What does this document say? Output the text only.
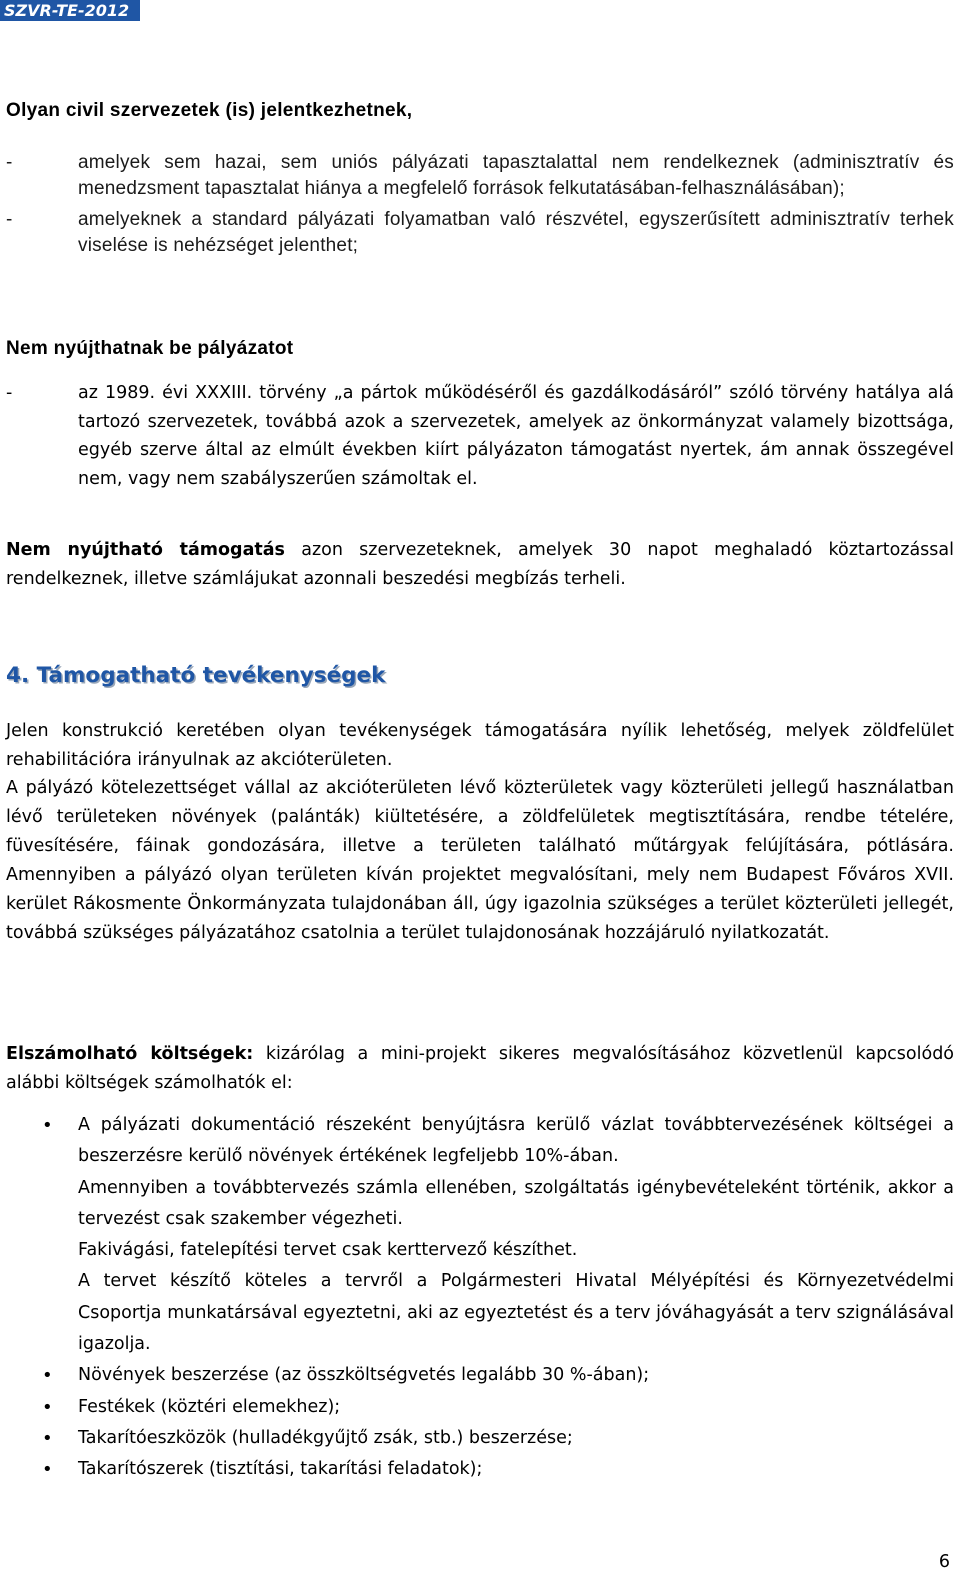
SZVR-TE-2012

Olyan civil szervezetek (is) jelentkezhetnek,

-	amelyek sem hazai, sem uniós pályázati tapasztalattal nem rendelkeznek (adminisztratív és menedzsment tapasztalat hiánya a megfelelő források felkutatásában-felhasználásában);
-	amelyeknek a standard pályázati folyamatban való részvétel, egyszerűsített adminisztratív terhek viselése is nehézséget jelenthet;

Nem nyújthatnak be pályázatot

-	az 1989. évi XXXIII. törvény „a pártok működéséről és gazdálkodásáról” szóló törvény hatálya alá tartozó szervezetek, továbbá azok a szervezetek, amelyek az önkormányzat valamely bizottsága, egyéb szerve által az elmúlt években kiírt pályázaton támogatást nyertek, ám annak összegével nem, vagy nem szabályszerűen számoltak el.
Nem nyújtható támogatás azon szervezeteknek, amelyek 30 napot meghaladó köztartozással rendelkeznek, illetve számlájukat azonnali beszedési megbízás terheli.
4. Támogatható tevékenységek
Jelen konstrukció keretében olyan tevékenységek támogatására nyílik lehetőség, melyek zöldfelület rehabilitációra irányulnak az akcióterületen.
A pályázó kötelezettséget vállal az akcióterületen lévő közterületek vagy közterületi jellegű használatban lévő területeken növények (palánták) kiültetésére, a zöldfelületek megtisztítására, rendbe tételére, füvesítésére, fáinak gondozására, illetve a területen található műtárgyak felújítására, pótlására. Amennyiben a pályázó olyan területen kíván projektet megvalósítani, mely nem Budapest Főváros XVII. kerület Rákosmente Önkormányzata tulajdonában áll, úgy igazolnia szükséges a terület közterületi jellegét, továbbá szükséges pályázatához csatolnia a terület tulajdonosának hozzájáruló nyilatkozatát.
Elszámolható költségek: kizárólag a mini-projekt sikeres megvalósításához közvetlenül kapcsolódó alábbi költségek számolhatók el:
• A pályázati dokumentáció részeként benyújtásra kerülő vázlat továbbtervezésének költségei a beszerzésre kerülő növények értékének legfeljebb 10%-ában.
Amennyiben a továbbtervezés számla ellenében, szolgáltatás igénybevételeként történik, akkor a tervezést csak szakember végezheti.
Fakivágási, fatelepítési tervet csak kerttervező készíthet.
A tervet készítő köteles a tervről a Polgármesteri Hivatal Mélyépítési és Környezetvédelmi Csoportja munkatársával egyeztetni, aki az egyeztetést és a terv jóváhagyását a terv szignálásával igazolja.
• Növények beszerzése (az összköltségvetés legalább 30 %-ában);
• Festékek (köztéri elemekhez);
• Takarítóeszközök (hulladékgyűjtő zsák, stb.) beszerzése;
• Takarítószerek (tisztítási, takarítási feladatok);
6
